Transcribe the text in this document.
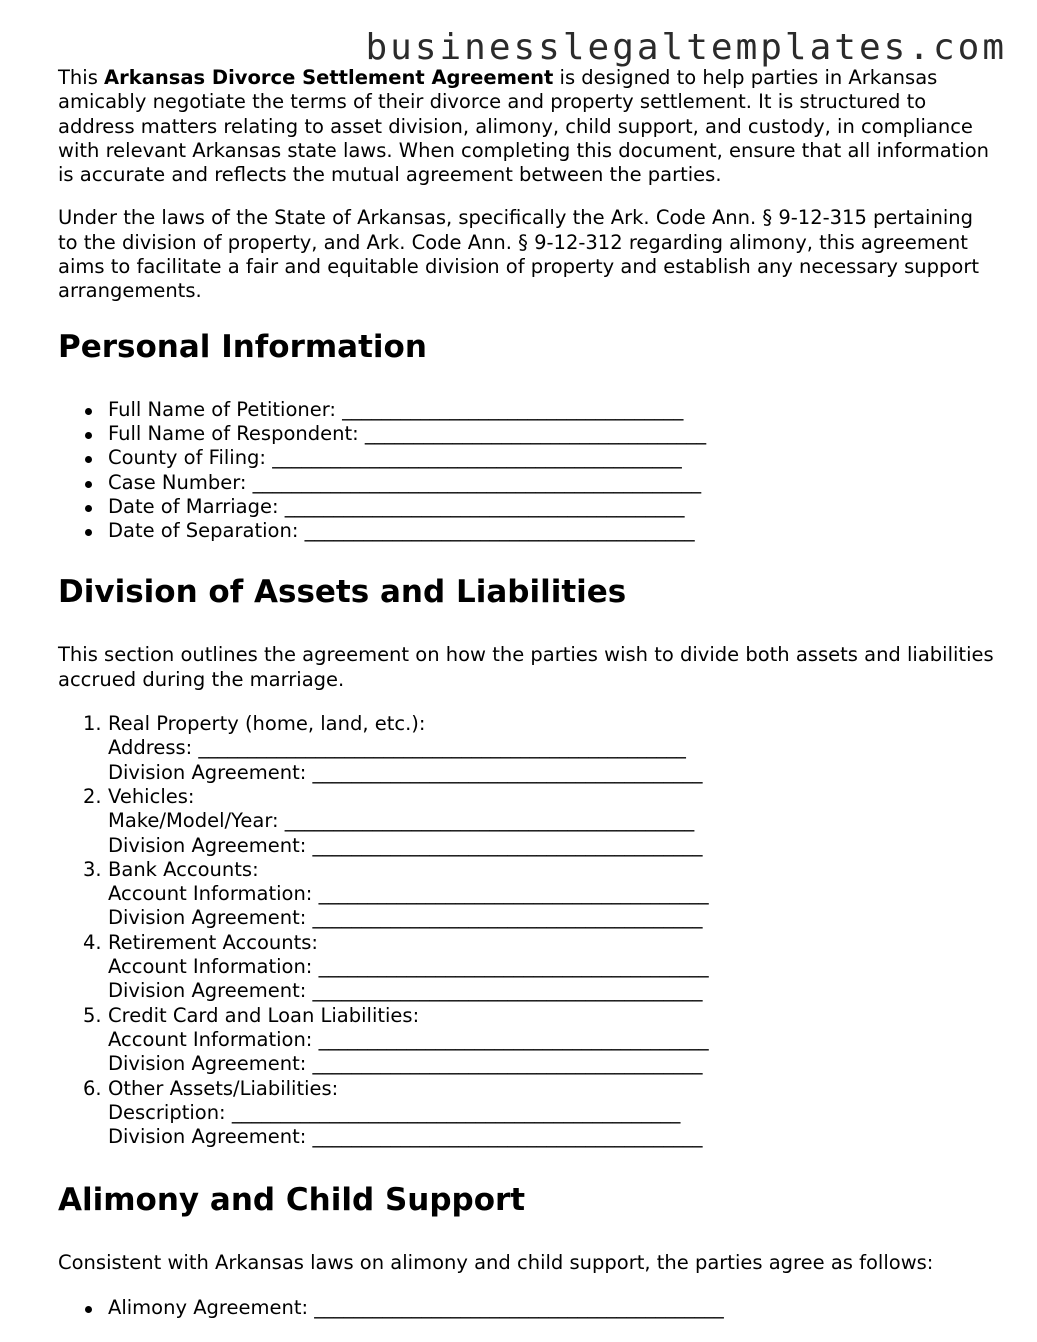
businesslegaltemplates.com

This Arkansas Divorce Settlement Agreement is designed to help parties in Arkansas amicably negotiate the terms of their divorce and property settlement. It is structured to address matters relating to asset division, alimony, child support, and custody, in compliance with relevant Arkansas state laws. When completing this document, ensure that all information is accurate and reflects the mutual agreement between the parties.

Under the laws of the State of Arkansas, specifically the Ark. Code Ann. § 9-12-315 pertaining to the division of property, and Ark. Code Ann. § 9-12-312 regarding alimony, this agreement aims to facilitate a fair and equitable division of property and establish any necessary support arrangements.

Personal Information
Full Name of Petitioner: ___________________________________
Full Name of Respondent: ___________________________________
County of Filing: __________________________________________
Case Number: ______________________________________________
Date of Marriage: _________________________________________
Date of Separation: ________________________________________
Division of Assets and Liabilities

This section outlines the agreement on how the parties wish to divide both assets and liabilities accrued during the marriage.

1. Real Property (home, land, etc.):
Address: __________________________________________________
Division Agreement: ________________________________________
2. Vehicles:
Make/Model/Year: __________________________________________
Division Agreement: ________________________________________
3. Bank Accounts:
Account Information: ________________________________________
Division Agreement: ________________________________________
4. Retirement Accounts:
Account Information: ________________________________________
Division Agreement: ________________________________________
5. Credit Card and Loan Liabilities:
Account Information: ________________________________________
Division Agreement: ________________________________________
6. Other Assets/Liabilities:
Description: ______________________________________________
Division Agreement: ________________________________________
Alimony and Child Support

Consistent with Arkansas laws on alimony and child support, the parties agree as follows:

Alimony Agreement: __________________________________________
